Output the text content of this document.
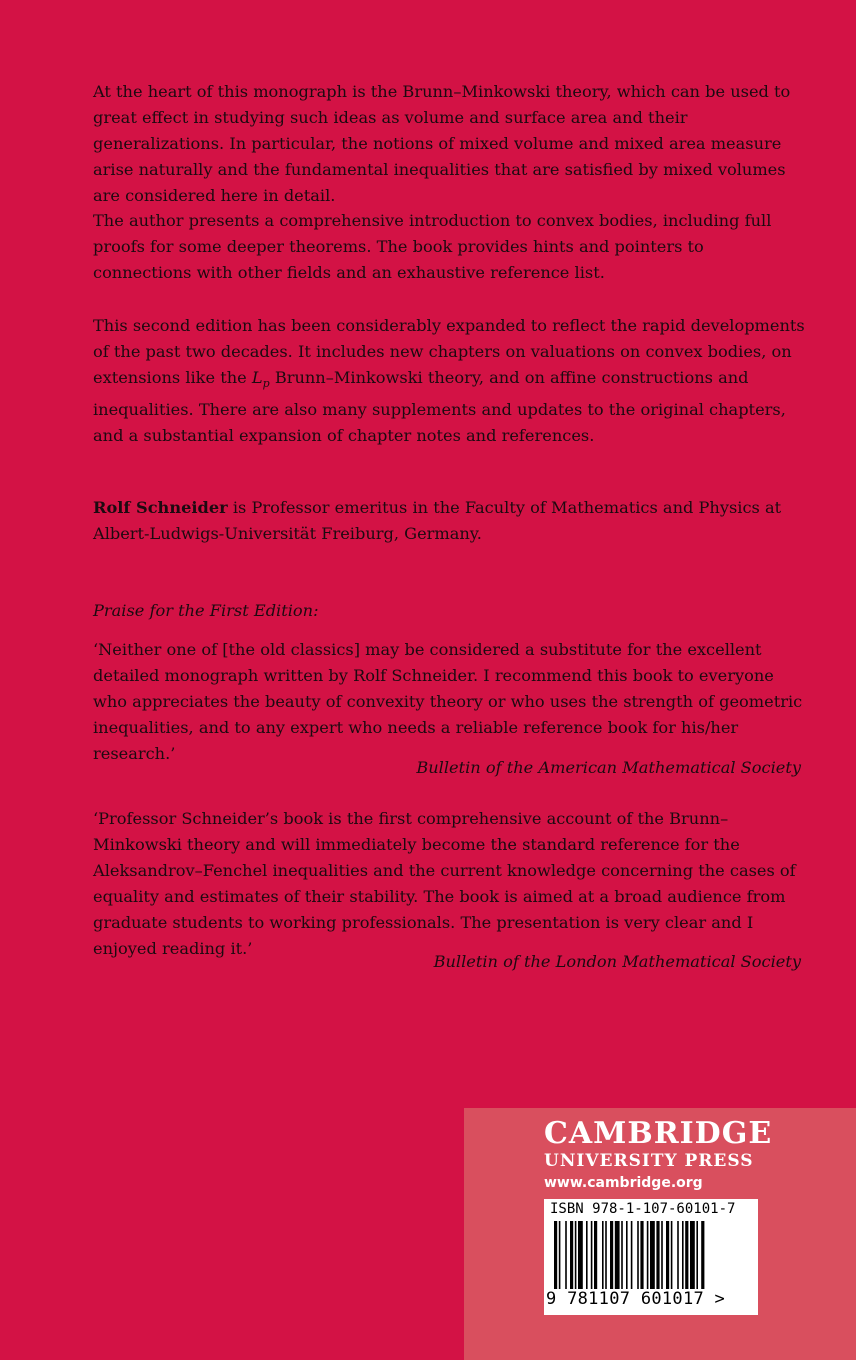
At the heart of this monograph is the Brunn–Minkowski theory, which can be used to great effect in studying such ideas as volume and surface area and their generalizations. In particular, the notions of mixed volume and mixed area measure arise naturally and the fundamental inequalities that are satisfied by mixed volumes are considered here in detail.

The author presents a comprehensive introduction to convex bodies, including full proofs for some deeper theorems. The book provides hints and pointers to connections with other fields and an exhaustive reference list.

This second edition has been considerably expanded to reflect the rapid developments of the past two decades. It includes new chapters on valuations on convex bodies, on extensions like the $L_p$ Brunn–Minkowski theory, and on affine constructions and inequalities. There are also many supplements and updates to the original chapters, and a substantial expansion of chapter notes and references.

Rolf Schneider is Professor emeritus in the Faculty of Mathematics and Physics at Albert-Ludwigs-Universität Freiburg, Germany.

Praise for the First Edition:

‘Neither one of [the old classics] may be considered a substitute for the excellent detailed monograph written by Rolf Schneider. I recommend this book to everyone who appreciates the beauty of convexity theory or who uses the strength of geometric inequalities, and to any expert who needs a reliable reference book for his/her research.’

Bulletin of the American Mathematical Society

‘Professor Schneider’s book is the first comprehensive account of the Brunn–Minkowski theory and will immediately become the standard reference for the Aleksandrov–Fenchel inequalities and the current knowledge concerning the cases of equality and estimates of their stability. The book is aimed at a broad audience from graduate students to working professionals. The presentation is very clear and I enjoyed reading it.’

Bulletin of the London Mathematical Society
CAMBRIDGE
UNIVERSITY PRESS
www.cambridge.org
ISBN 978-1-107-60101-7
9 781107 601017 >
